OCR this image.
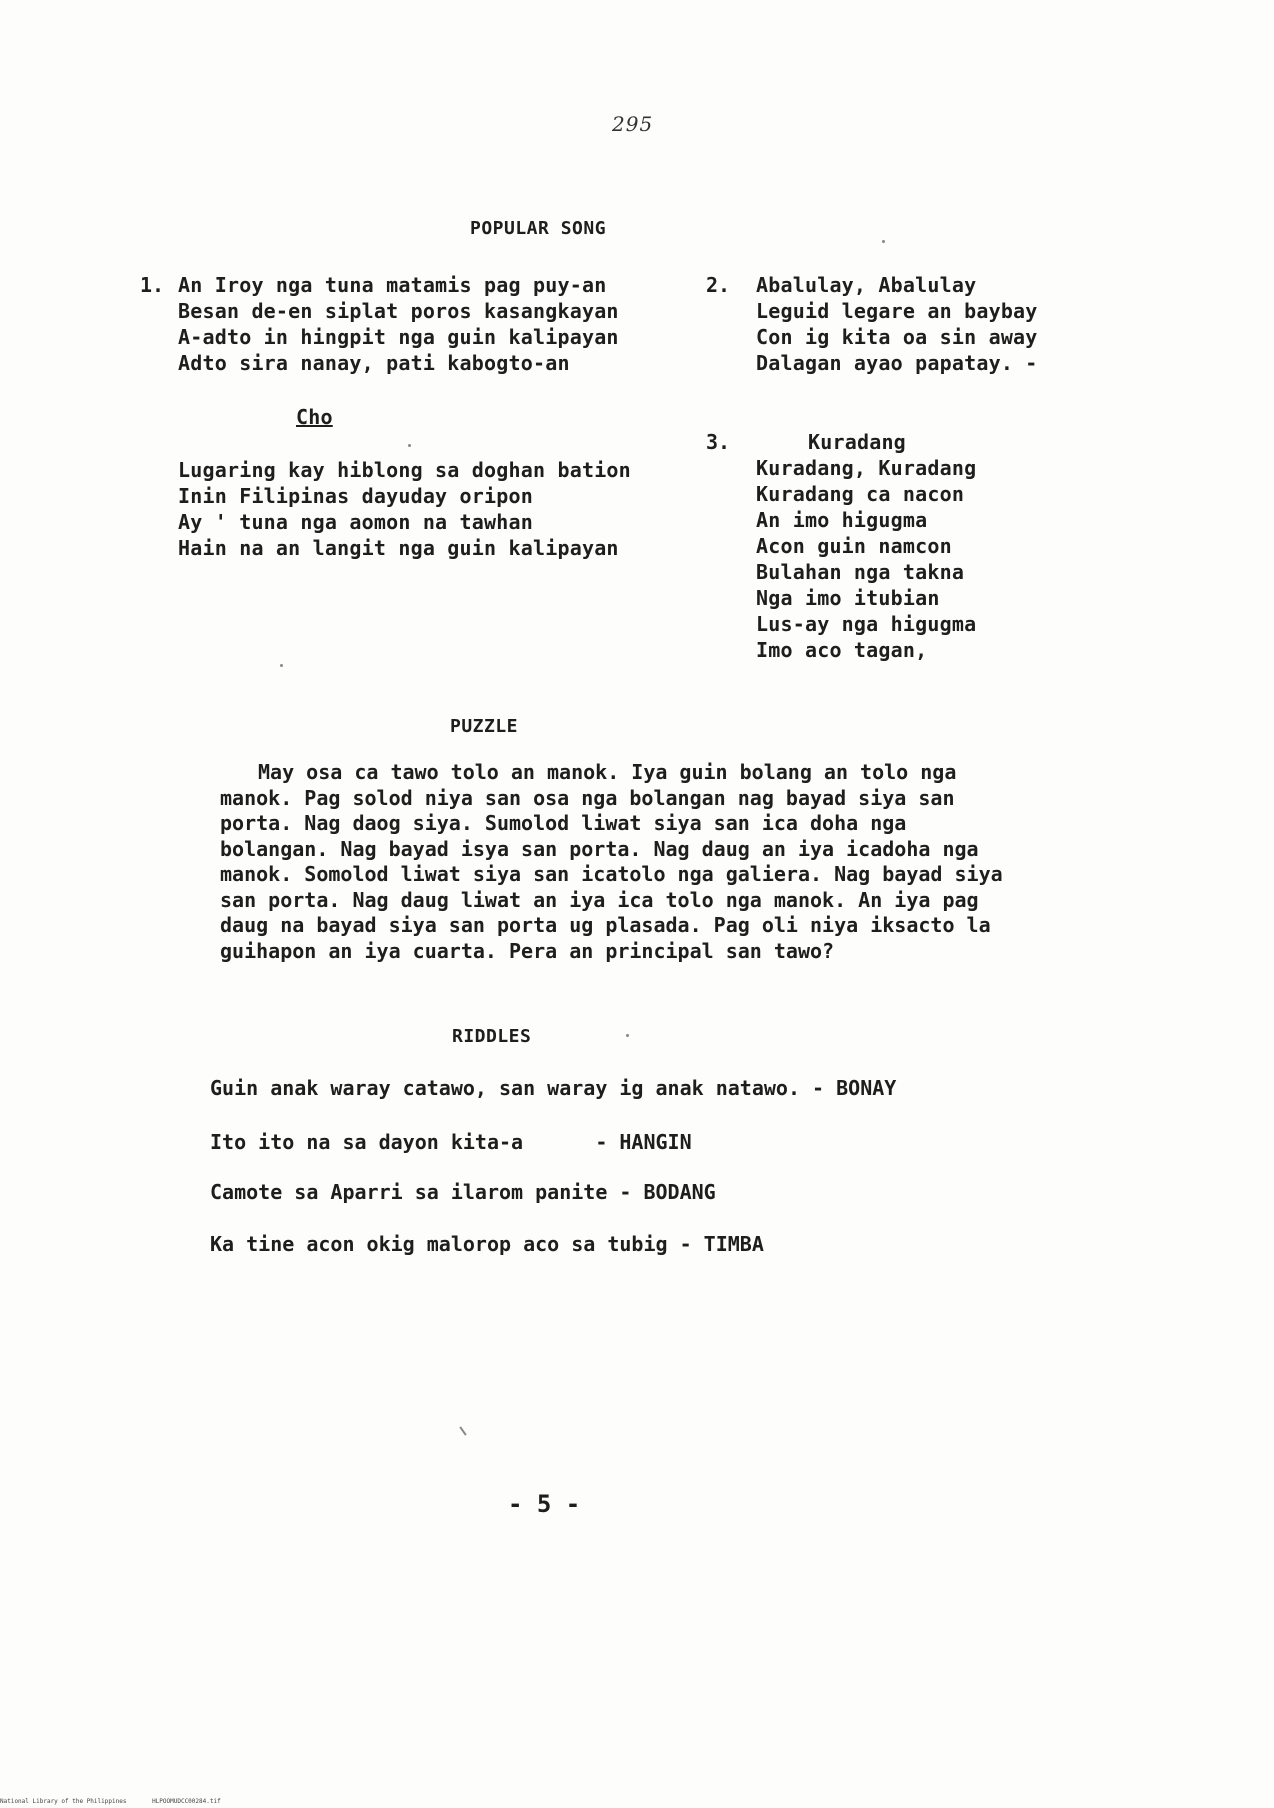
295
POPULAR SONG
1. An Iroy nga tuna matamis pag puy-an
Besan de-en siplat poros kasangkayan
A-adto in hingpit nga guin kalipayan
Adto sira nanay, pati kabogto-an
Cho
Lugaring kay hiblong sa doghan bation
Inin Filipinas dayuday oripon
Ay ' tuna nga aomon na tawhan
Hain na an langit nga guin kalipayan
2. Abalulay, Abalulay
Leguid legare an baybay
Con ig kita oa sin away
Dalagan ayao papatay. -
3.	Kuradang
Kuradang, Kuradang
Kuradang ca nacon
An imo higugma
Acon guin namcon
Bulahan nga takna
Nga imo itubian
Lus-ay nga higugma
Imo aco tagan,
PUZZLE

May osa ca tawo tolo an manok. Iya guin bolang an tolo nga manok. Pag solod niya san osa nga bolangan nag bayad siya san porta. Nag daog siya. Sumolod liwat siya san ica doha nga bolangan. Nag bayad isya san porta. Nag daug an iya icadoha nga manok. Somolod liwat siya san icatolo nga galiera. Nag bayad siya san porta. Nag daug liwat an iya ica tolo nga manok. An iya pag daug na bayad siya san porta ug plasada. Pag oli niya iksacto la guihapon an iya cuarta. Pera an principal san tawo?

RIDDLES
Guin anak waray catawo, san waray ig anak natawo. - BONAY
Ito ito na sa dayon kita-a      - HANGIN
Camote sa Aparri sa ilarom panite - BODANG
Ka tine acon okig malorop aco sa tubig - TIMBA
- 5 -
National Library of the Philippines	HLPOOMUDCC00284.tif
